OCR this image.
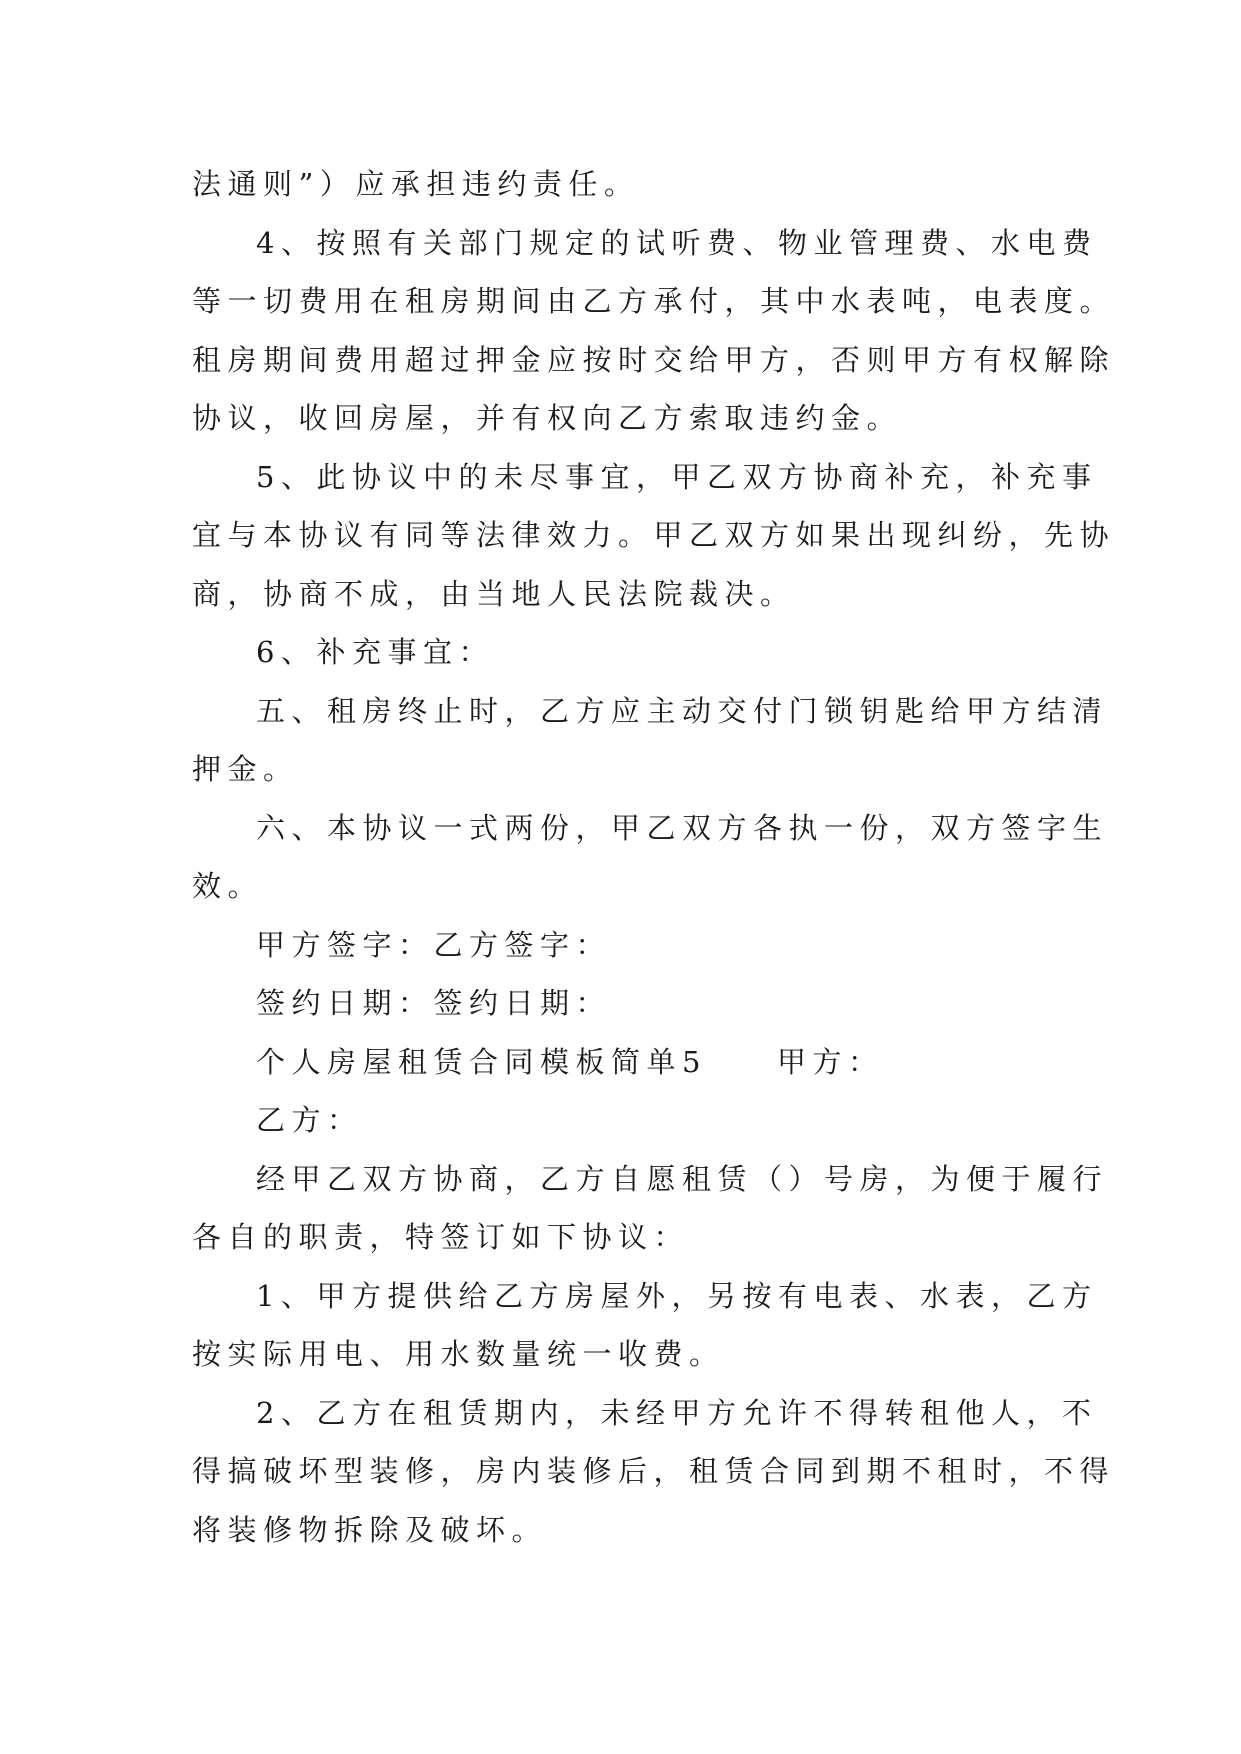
法通则”）应承担违约责任。
4、按照有关部门规定的试听费、物业管理费、水电费
等一切费用在租房期间由乙方承付，其中水表吨，电表度。
租房期间费用超过押金应按时交给甲方，否则甲方有权解除
协议，收回房屋，并有权向乙方索取违约金。
5、此协议中的未尽事宜，甲乙双方协商补充，补充事
宜与本协议有同等法律效力。甲乙双方如果出现纠纷，先协
商，协商不成，由当地人民法院裁决。
6、补充事宜：
五、租房终止时，乙方应主动交付门锁钥匙给甲方结清
押金。
六、本协议一式两份，甲乙双方各执一份，双方签字生
效。
甲方签字：乙方签字：
签约日期：签约日期：
个人房屋租赁合同模板简单5 甲方：
乙方：
经甲乙双方协商，乙方自愿租赁（）号房，为便于履行
各自的职责，特签订如下协议：
1、甲方提供给乙方房屋外，另按有电表、水表，乙方
按实际用电、用水数量统一收费。
2、乙方在租赁期内，未经甲方允许不得转租他人，不
得搞破坏型装修，房内装修后，租赁合同到期不租时，不得
将装修物拆除及破坏。
